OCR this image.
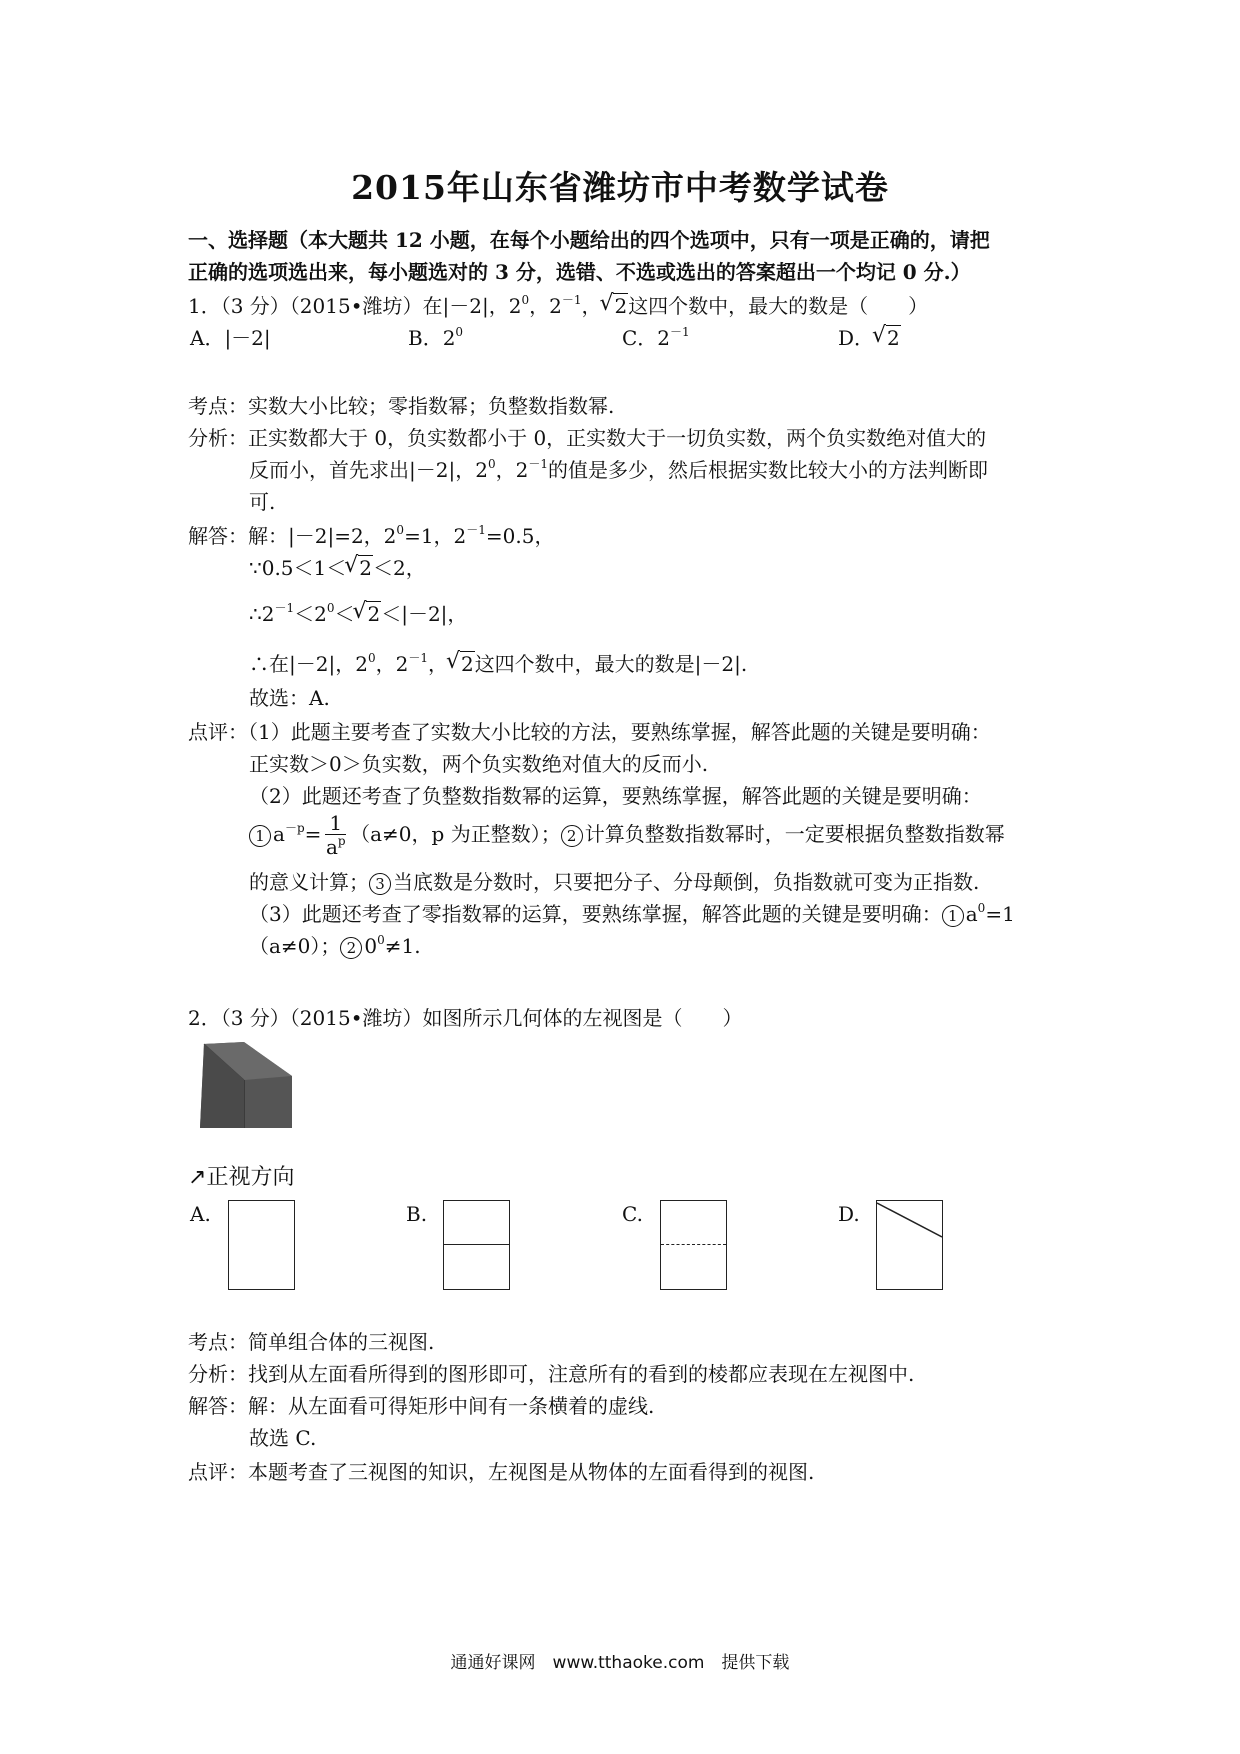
2015年山东省潍坊市中考数学试卷
一、选择题（本大题共 12 小题，在每个小题给出的四个选项中，只有一项是正确的，请把
正确的选项选出来，每小题选对的 3 分，选错、不选或选出的答案超出一个均记 0 分.）
1．（3 分）（2015•潍坊）在|－2|，$2^0$，$2^{-1}$，√ 2这四个数中，最大的数是（　　）
A．|－2|	B．$2^0$	C．$2^{-1}$	D．√ 2
考点：实数大小比较；零指数幂；负整数指数幂.
分析：正实数都大于 0，负实数都小于 0，正实数大于一切负实数，两个负实数绝对值大的
反而小，首先求出|－2|，$2^0$，$2^{-1}$的值是多少，然后根据实数比较大小的方法判断即
可.
解答：解：|－2|=2，$2^0=1$，$2^{-1}=0.5$，
∵0.5＜1＜√ 2＜2，
$\therefore 2^{-1}<2^0<√$ 2＜|－2|，
∴在|－2|，$2^0$，$2^{-1}$，√ 2这四个数中，最大的数是|－2|.
故选：A.
点评：（1）此题主要考查了实数大小比较的方法，要熟练掌握，解答此题的关键是要明确：
正实数＞0＞负实数，两个负实数绝对值大的反而小.
（2）此题还考查了负整数指数幂的运算，要熟练掌握，解答此题的关键是要明确：
1 $a^{-p}= \frac{1}{a^p} (a\ne 0$，p 为正整数）； 2 计算负整数指数幂时，一定要根据负整数指数幂
的意义计算； 3 当底数是分数时，只要把分子、分母颠倒，负指数就可变为正指数.
（3）此题还考查了零指数幂的运算，要熟练掌握，解答此题的关键是要明确： 1 $a^0=1$
（a≠0）； 2 $0^0\ne 1$.
2．（3 分）（2015•潍坊）如图所示几何体的左视图是（　　）
↗正视方向
A.	B.	C.	D.
考点：简单组合体的三视图.
分析：找到从左面看所得到的图形即可，注意所有的看到的棱都应表现在左视图中.
解答：解：从左面看可得矩形中间有一条横着的虚线.
故选 C.
点评：本题考查了三视图的知识，左视图是从物体的左面看得到的视图.
通通好课网　www.tthaoke.com　提供下载
